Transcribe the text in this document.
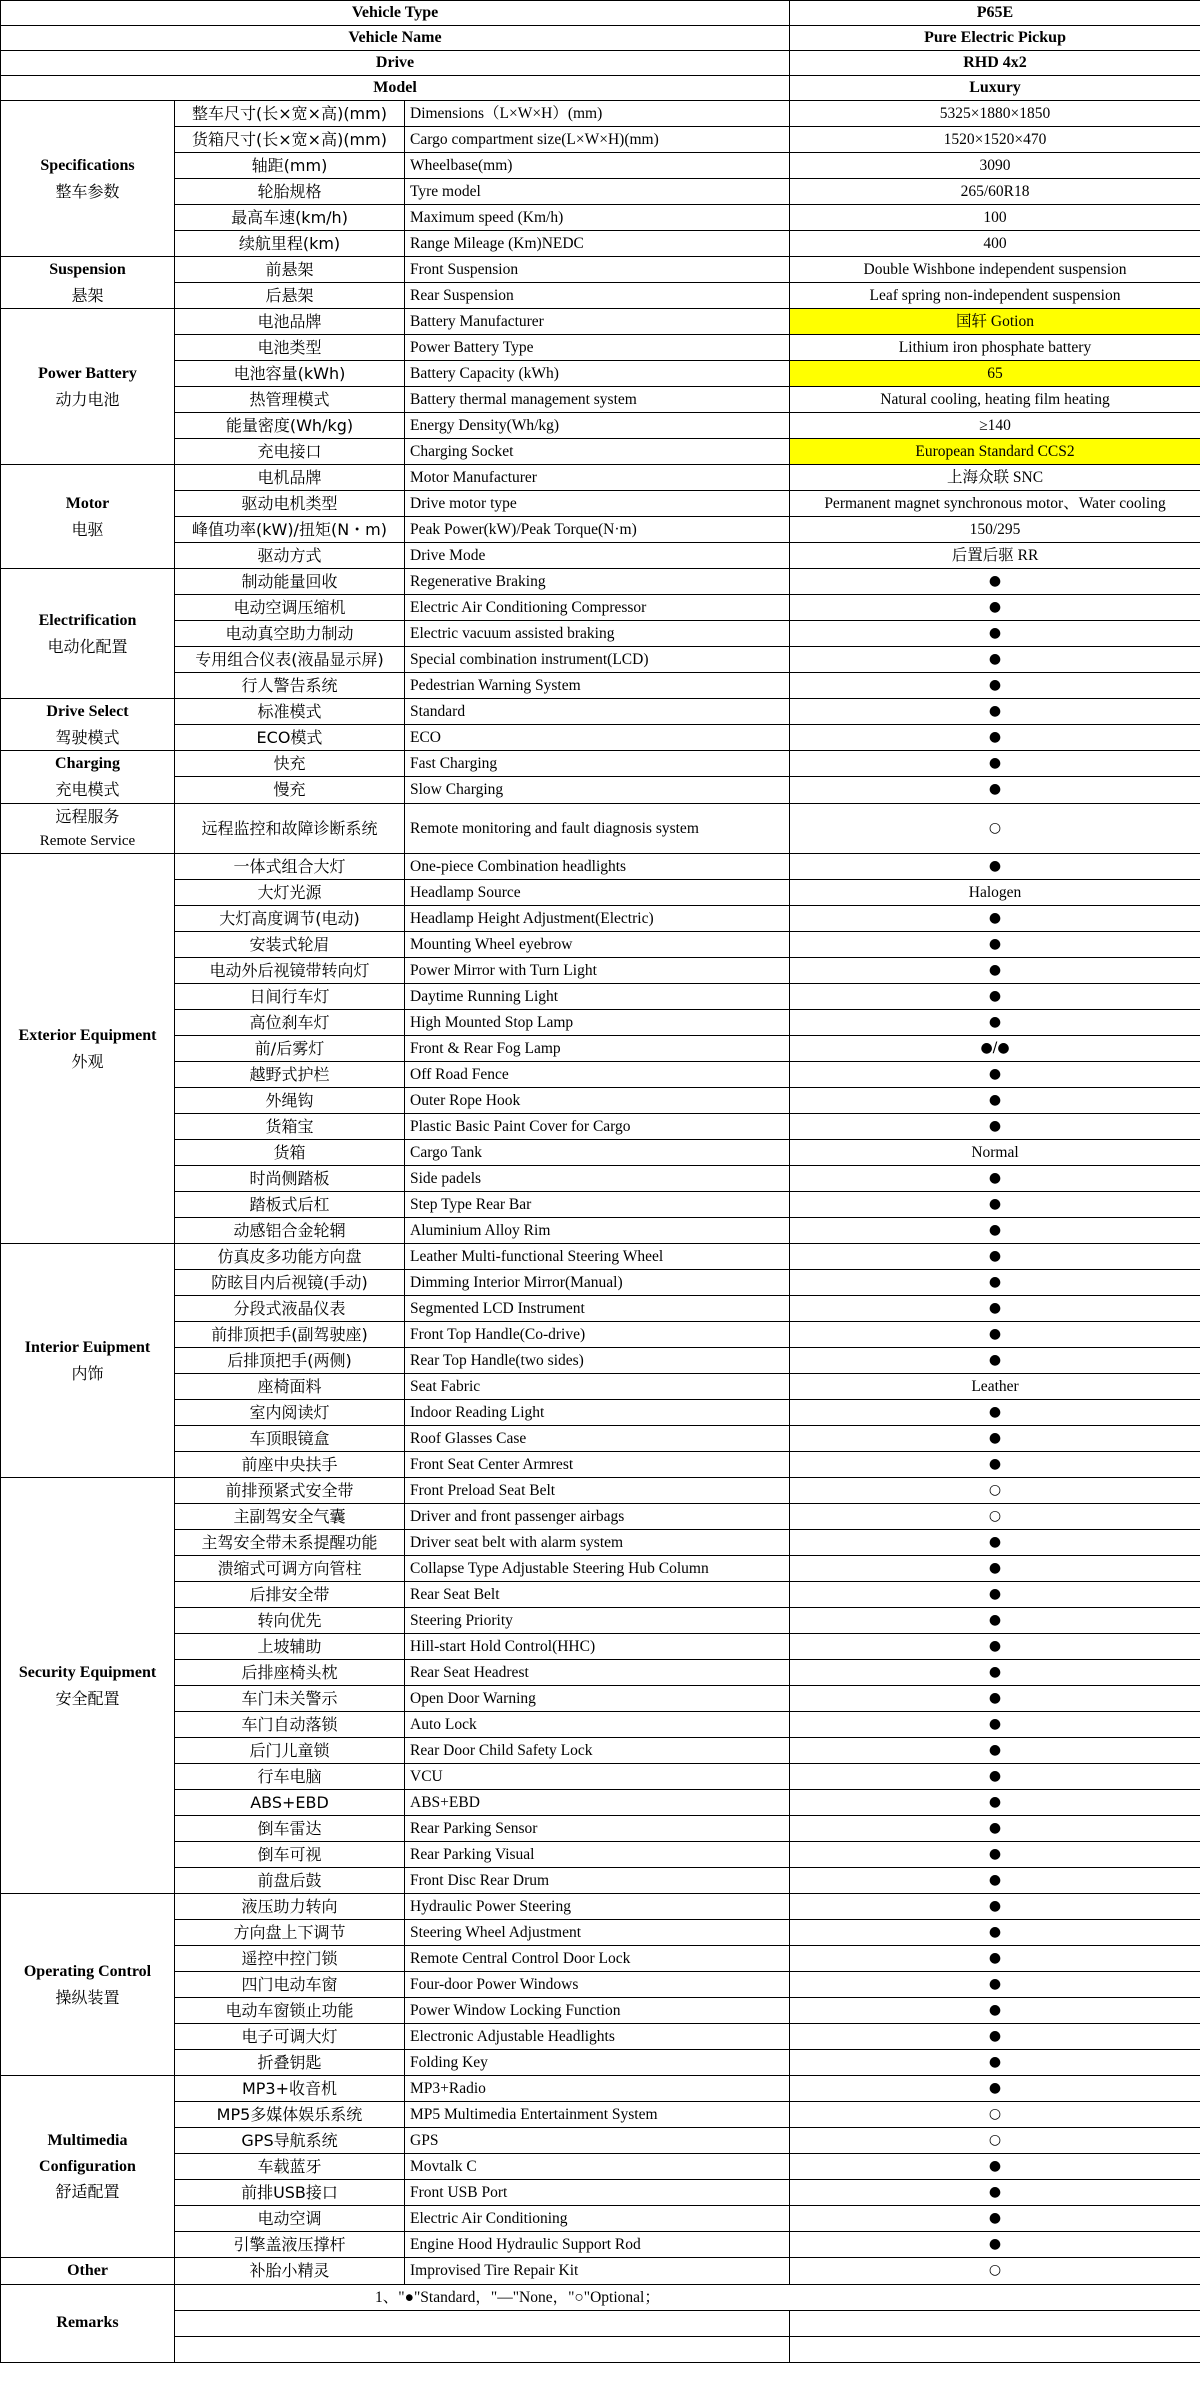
Vehicle Type			P65E
Vehicle Name			Pure Electric Pickup
Drive			RHD 4x2
Model			Luxury

Specifications
整车参数	整车尺寸(长×宽×高)(mm)	Dimensions（L×W×H）(mm)	5325×1880×1850
	货箱尺寸(长×宽×高)(mm)	Cargo compartment size(L×W×H)(mm)	1520×1520×470
	轴距(mm)	Wheelbase(mm)	3090
	轮胎规格	Tyre model	265/60R18
	最高车速(km/h)	Maximum speed (Km/h)	100
	续航里程(km)	Range Mileage (Km)NEDC	400

Suspension
悬架	前悬架	Front Suspension	Double Wishbone independent suspension
	后悬架	Rear Suspension	Leaf spring non-independent suspension

Power Battery
动力电池	电池品牌	Battery Manufacturer	国轩 Gotion
	电池类型	Power Battery Type	Lithium iron phosphate battery
	电池容量(kWh)	Battery Capacity (kWh)	65
	热管理模式	Battery thermal management system	Natural cooling, heating film heating
	能量密度(Wh/kg)	Energy Density(Wh/kg)	≥140
	充电接口	Charging Socket	European Standard CCS2

Motor
电驱	电机品牌	Motor Manufacturer	上海众联 SNC
	驱动电机类型	Drive motor type	Permanent magnet synchronous motor、Water cooling
	峰值功率(kW)/扭矩(N・m)	Peak Power(kW)/Peak Torque(N·m)	150/295
	驱动方式	Drive Mode	后置后驱 RR

Electrification
电动化配置	制动能量回收	Regenerative Braking	●
	电动空调压缩机	Electric Air Conditioning Compressor	●
	电动真空助力制动	Electric vacuum assisted braking	●
	专用组合仪表(液晶显示屏)	Special combination instrument(LCD)	●
	行人警告系统	Pedestrian Warning System	●

Drive Select
驾驶模式	标准模式	Standard	●
	ECO模式	ECO	●

Charging
充电模式	快充	Fast Charging	●
	慢充	Slow Charging	●

远程服务
Remote Service	远程监控和故障诊断系统	Remote monitoring and fault diagnosis system	○

Exterior Equipment
外观	一体式组合大灯	One-piece Combination headlights	●
	大灯光源	Headlamp Source	Halogen
	大灯高度调节(电动)	Headlamp Height Adjustment(Electric)	●
	安装式轮眉	Mounting Wheel eyebrow	●
	电动外后视镜带转向灯	Power Mirror with Turn Light	●
	日间行车灯	Daytime Running Light	●
	高位刹车灯	High Mounted Stop Lamp	●
	前/后雾灯	Front & Rear Fog Lamp	●/●
	越野式护栏	Off Road Fence	●
	外绳钩	Outer Rope Hook	●
	货箱宝	Plastic Basic Paint Cover for Cargo	●
	货箱	Cargo Tank	Normal
	时尚侧踏板	Side padels	●
	踏板式后杠	Step Type Rear Bar	●
	动感铝合金轮辋	Aluminium Alloy Rim	●

Interior Euipment
内饰	仿真皮多功能方向盘	Leather Multi-functional Steering Wheel	●
	防眩目内后视镜(手动)	Dimming Interior Mirror(Manual)	●
	分段式液晶仪表	Segmented LCD Instrument	●
	前排顶把手(副驾驶座)	Front Top Handle(Co-drive)	●
	后排顶把手(两侧)	Rear Top Handle(two sides)	●
	座椅面料	Seat Fabric	Leather
	室内阅读灯	Indoor Reading Light	●
	车顶眼镜盒	Roof Glasses Case	●
	前座中央扶手	Front Seat Center Armrest	●

Security Equipment
安全配置	前排预紧式安全带	Front Preload Seat Belt	○
	主副驾安全气囊	Driver and front passenger airbags	○
	主驾安全带未系提醒功能	Driver seat belt with alarm system	●
	溃缩式可调方向管柱	Collapse Type Adjustable Steering Hub Column	●
	后排安全带	Rear Seat Belt	●
	转向优先	Steering Priority	●
	上坡辅助	Hill-start Hold Control(HHC)	●
	后排座椅头枕	Rear Seat Headrest	●
	车门未关警示	Open Door Warning	●
	车门自动落锁	Auto Lock	●
	后门儿童锁	Rear Door Child Safety Lock	●
	行车电脑	VCU	●
	ABS+EBD	ABS+EBD	●
	倒车雷达	Rear Parking Sensor	●
	倒车可视	Rear Parking Visual	●
	前盘后鼓	Front Disc Rear Drum	●

Operating Control
操纵装置	液压助力转向	Hydraulic Power Steering	●
	方向盘上下调节	Steering Wheel Adjustment	●
	遥控中控门锁	Remote Central Control Door Lock	●
	四门电动车窗	Four-door Power Windows	●
	电动车窗锁止功能	Power Window Locking Function	●
	电子可调大灯	Electronic Adjustable Headlights	●
	折叠钥匙	Folding Key	●

Multimedia Configuration
舒适配置	MP3+收音机	MP3+Radio	●
	MP5多媒体娱乐系统	MP5 Multimedia Entertainment System	○
	GPS导航系统	GPS	○
	车载蓝牙	Movtalk C	●
	前排USB接口	Front USB Port	●
	电动空调	Electric Air Conditioning	●
	引擎盖液压撑杆	Engine Hood Hydraulic Support Rod	●

Other	补胎小精灵	Improvised Tire Repair Kit	○
Remarks	1、"●"Standard，"—"None，"○"Optional；		
